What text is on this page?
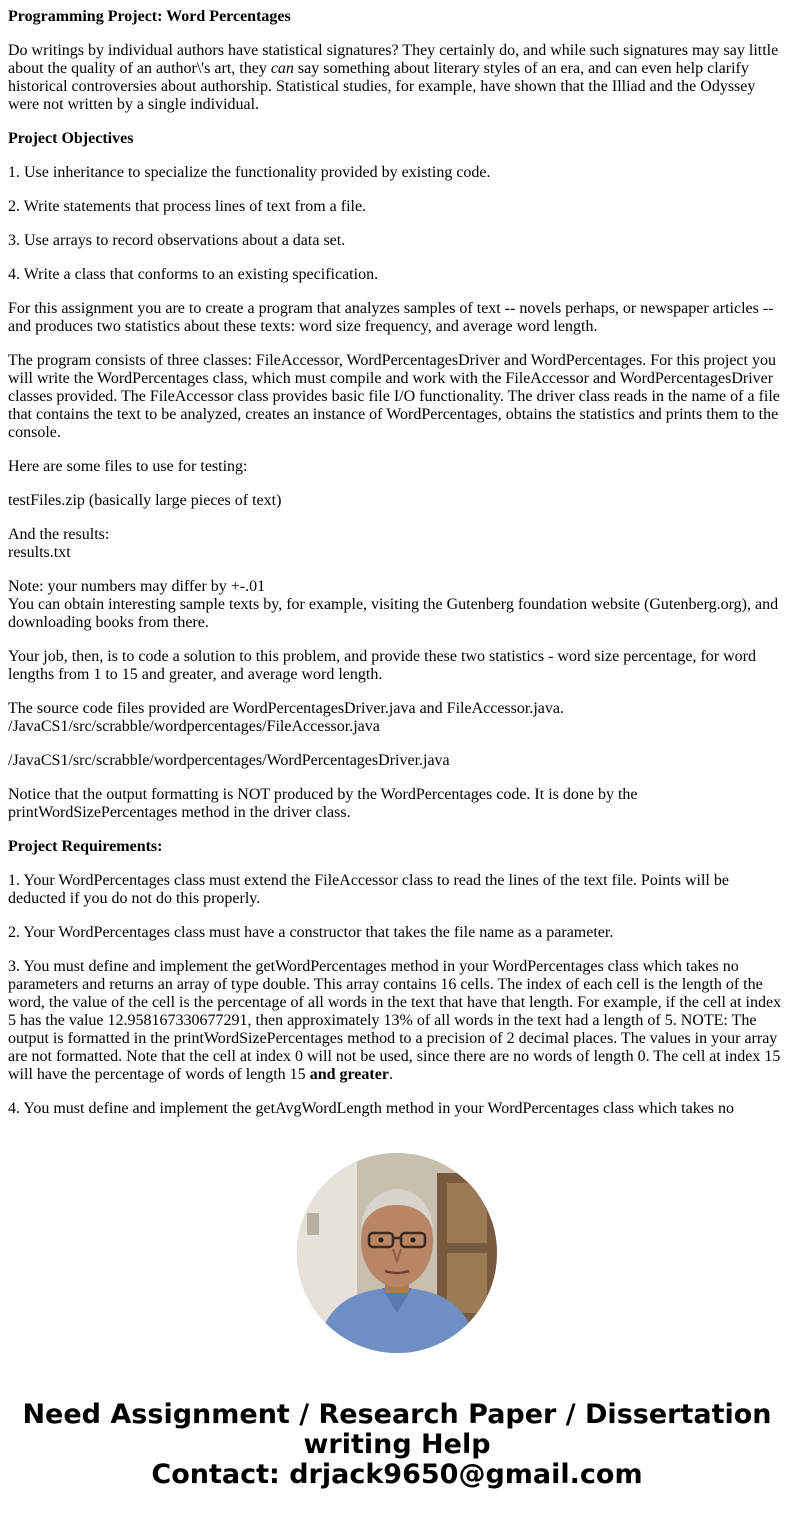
Programming Project: Word Percentages

Do writings by individual authors have statistical signatures? They certainly do, and while such signatures may say little about the quality of an author\'s art, they can say something about literary styles of an era, and can even help clarify historical controversies about authorship. Statistical studies, for example, have shown that the Illiad and the Odyssey were not written by a single individual.

Project Objectives

1. Use inheritance to specialize the functionality provided by existing code.

2. Write statements that process lines of text from a file.

3. Use arrays to record observations about a data set.

4. Write a class that conforms to an existing specification.

For this assignment you are to create a program that analyzes samples of text -- novels perhaps, or newspaper articles -- and produces two statistics about these texts: word size frequency, and average word length.

The program consists of three classes: FileAccessor, WordPercentagesDriver and WordPercentages. For this project you will write the WordPercentages class, which must compile and work with the FileAccessor and WordPercentagesDriver classes provided. The FileAccessor class provides basic file I/O functionality. The driver class reads in the name of a file that contains the text to be analyzed, creates an instance of WordPercentages, obtains the statistics and prints them to the console.

Here are some files to use for testing:

testFiles.zip (basically large pieces of text)

And the results:
results.txt

Note: your numbers may differ by +-.01
You can obtain interesting sample texts by, for example, visiting the Gutenberg foundation website (Gutenberg.org), and downloading books from there.

Your job, then, is to code a solution to this problem, and provide these two statistics - word size percentage, for word lengths from 1 to 15 and greater, and average word length.

The source code files provided are WordPercentagesDriver.java and FileAccessor.java.
/JavaCS1/src/scrabble/wordpercentages/FileAccessor.java

/JavaCS1/src/scrabble/wordpercentages/WordPercentagesDriver.java

Notice that the output formatting is NOT produced by the WordPercentages code. It is done by the printWordSizePercentages method in the driver class.

Project Requirements:

1. Your WordPercentages class must extend the FileAccessor class to read the lines of the text file. Points will be deducted if you do not do this properly.

2. Your WordPercentages class must have a constructor that takes the file name as a parameter.

3. You must define and implement the getWordPercentages method in your WordPercentages class which takes no parameters and returns an array of type double. This array contains 16 cells. The index of each cell is the length of the word, the value of the cell is the percentage of all words in the text that have that length. For example, if the cell at index 5 has the value 12.958167330677291, then approximately 13% of all words in the text had a length of 5. NOTE: The output is formatted in the printWordSizePercentages method to a precision of 2 decimal places. The values in your array are not formatted. Note that the cell at index 0 will not be used, since there are no words of length 0. The cell at index 15 will have the percentage of words of length 15 and greater.

4. You must define and implement the getAvgWordLength method in your WordPercentages class which takes no

Need Assignment / Research Paper / Dissertation
writing Help
Contact: drjack9650@gmail.com
